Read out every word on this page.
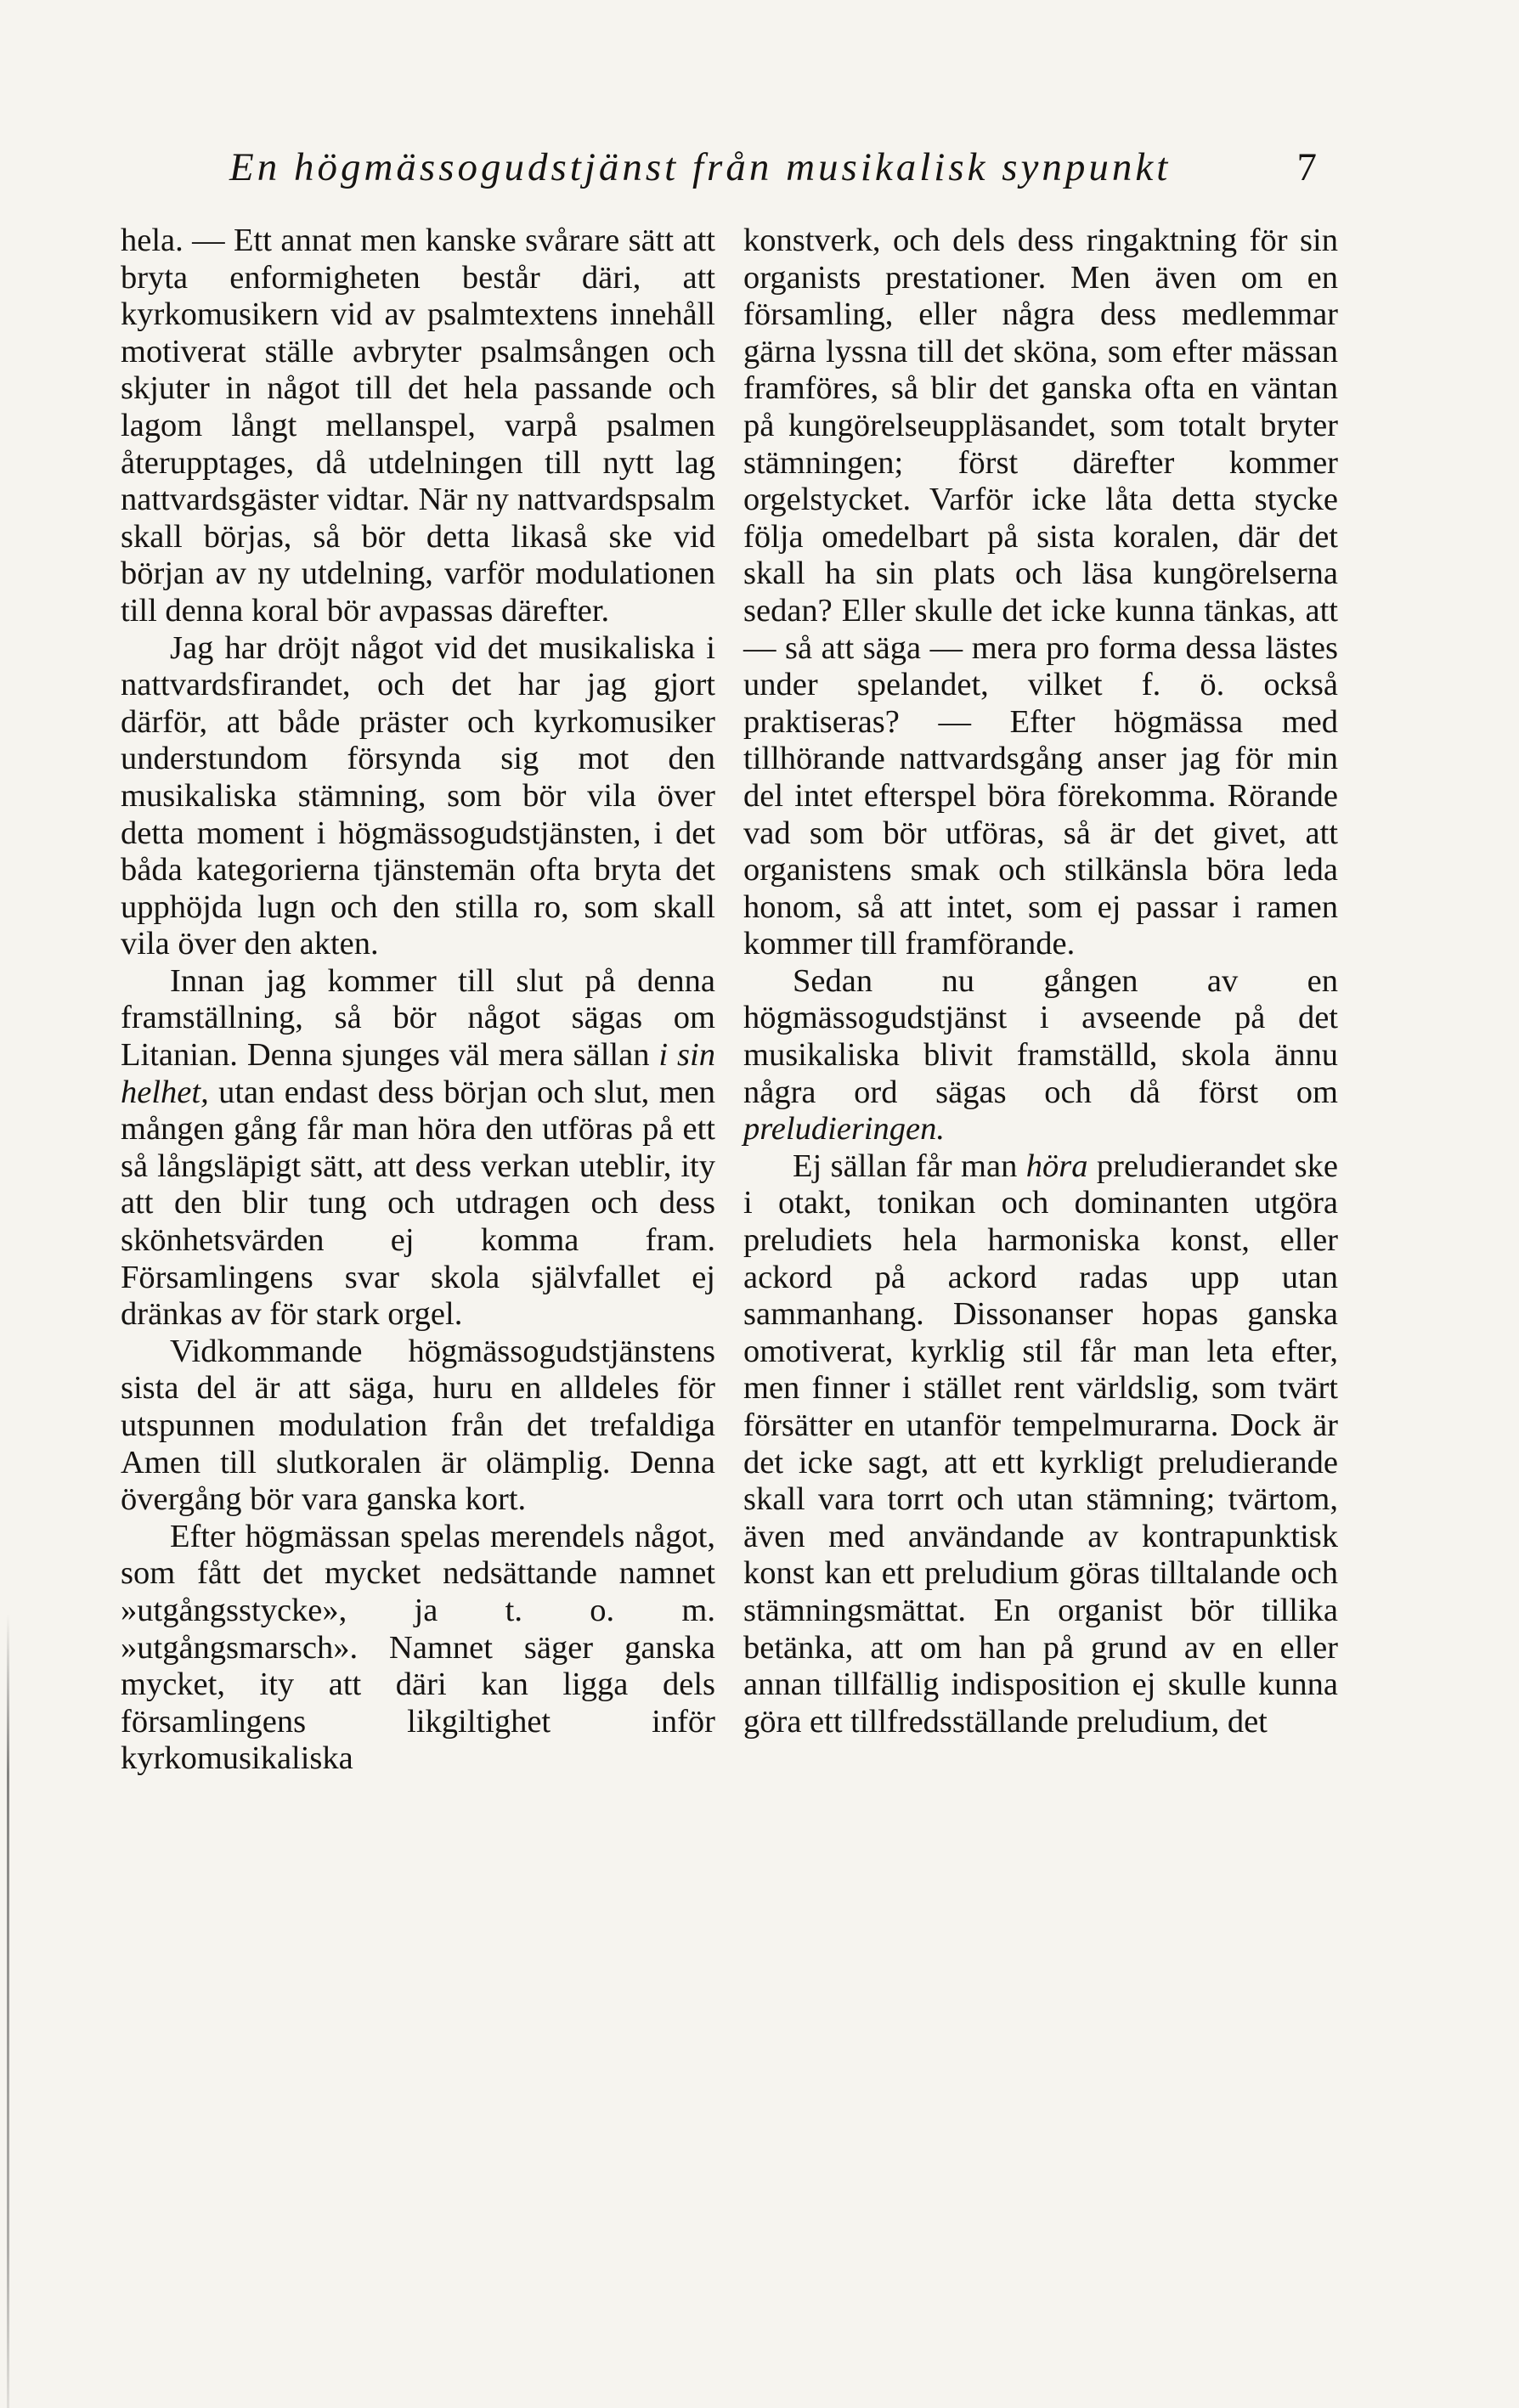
En högmässogudstjänst från musikalisk synpunkt	7

hela. — Ett annat men kanske svårare sätt att bryta enformigheten består däri, att kyrkomusikern vid av psalmtextens innehåll motiverat ställe avbryter psalmsången och skjuter in något till det hela passande och lagom långt mellanspel, varpå psalmen återupptages, då utdelningen till nytt lag nattvardsgäster vidtar. När ny nattvardspsalm skall börjas, så bör detta likaså ske vid början av ny utdelning, varför modulationen till denna koral bör avpassas därefter.

Jag har dröjt något vid det musikaliska i nattvardsfirandet, och det har jag gjort därför, att både präster och kyrkomusiker understundom försynda sig mot den musikaliska stämning, som bör vila över detta moment i högmässogudstjänsten, i det båda kategorierna tjänstemän ofta bryta det upphöjda lugn och den stilla ro, som skall vila över den akten.

Innan jag kommer till slut på denna framställning, så bör något sägas om Litanian. Denna sjunges väl mera sällan i sin helhet, utan endast dess början och slut, men mången gång får man höra den utföras på ett så långsläpigt sätt, att dess verkan uteblir, ity att den blir tung och utdragen och dess skönhetsvärden ej komma fram. Församlingens svar skola självfallet ej dränkas av för stark orgel.

Vidkommande högmässogudstjänstens sista del är att säga, huru en alldeles för utspunnen modulation från det trefaldiga Amen till slutkoralen är olämplig. Denna övergång bör vara ganska kort.

Efter högmässan spelas merendels något, som fått det mycket nedsättande namnet »utgångsstycke», ja t. o. m. »utgångsmarsch». Namnet säger ganska mycket, ity att däri kan ligga dels församlingens likgiltighet inför kyrkomusikaliska

konstverk, och dels dess ringaktning för sin organists prestationer. Men även om en församling, eller några dess medlemmar gärna lyssna till det sköna, som efter mässan framföres, så blir det ganska ofta en väntan på kungörelseuppläsandet, som totalt bryter stämningen; först därefter kommer orgelstycket. Varför icke låta detta stycke följa omedelbart på sista koralen, där det skall ha sin plats och läsa kungörelserna sedan? Eller skulle det icke kunna tänkas, att — så att säga — mera pro forma dessa lästes under spelandet, vilket f. ö. också praktiseras? — Efter högmässa med tillhörande nattvardsgång anser jag för min del intet efterspel böra förekomma. Rörande vad som bör utföras, så är det givet, att organistens smak och stilkänsla böra leda honom, så att intet, som ej passar i ramen kommer till framförande.

Sedan nu gången av en högmässogudstjänst i avseende på det musikaliska blivit framställd, skola ännu några ord sägas och då först om preludieringen.

Ej sällan får man höra preludierandet ske i otakt, tonikan och dominanten utgöra preludiets hela harmoniska konst, eller ackord på ackord radas upp utan sammanhang. Dissonanser hopas ganska omotiverat, kyrklig stil får man leta efter, men finner i stället rent världslig, som tvärt försätter en utanför tempelmurarna. Dock är det icke sagt, att ett kyrkligt preludierande skall vara torrt och utan stämning; tvärtom, även med användande av kontrapunktisk konst kan ett preludium göras tilltalande och stämningsmättat. En organist bör tillika betänka, att om han på grund av en eller annan tillfällig indisposition ej skulle kunna göra ett tillfredsställande preludium, det
